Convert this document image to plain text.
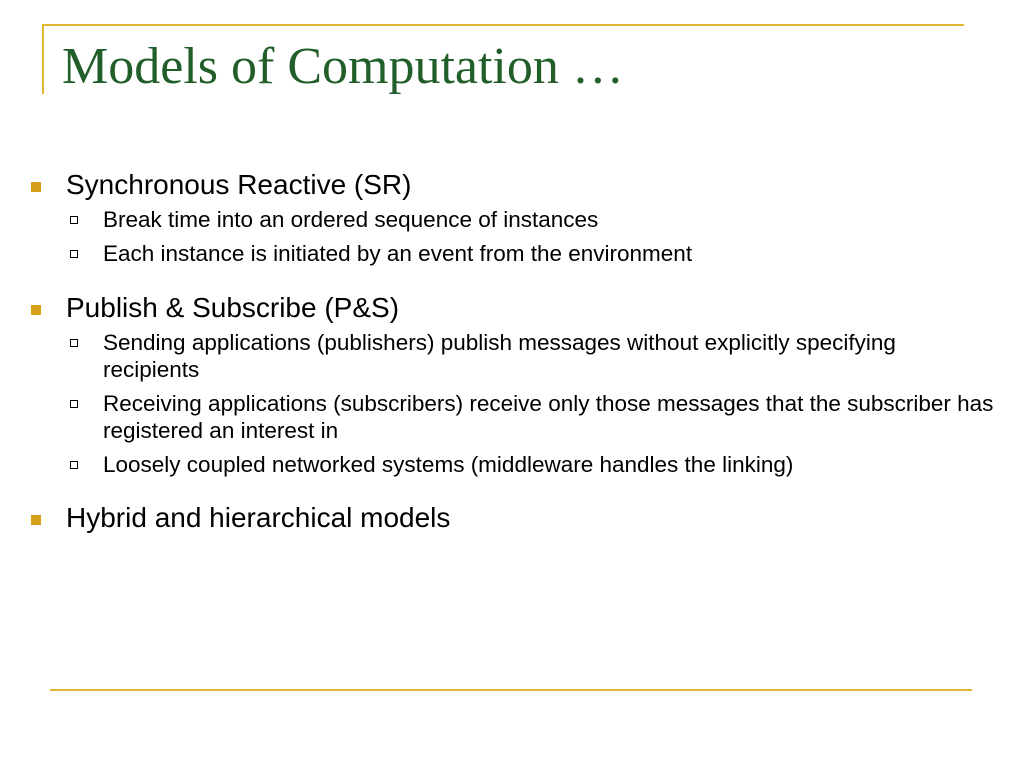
Models of Computation …
Synchronous Reactive (SR)
Break time into an ordered sequence of instances
Each instance is initiated by an event from the environment
Publish & Subscribe (P&S)
Sending applications (publishers) publish messages without explicitly specifying recipients
Receiving applications (subscribers) receive only those messages that the subscriber has registered an interest in
Loosely coupled networked systems (middleware handles the linking)
Hybrid and hierarchical models
